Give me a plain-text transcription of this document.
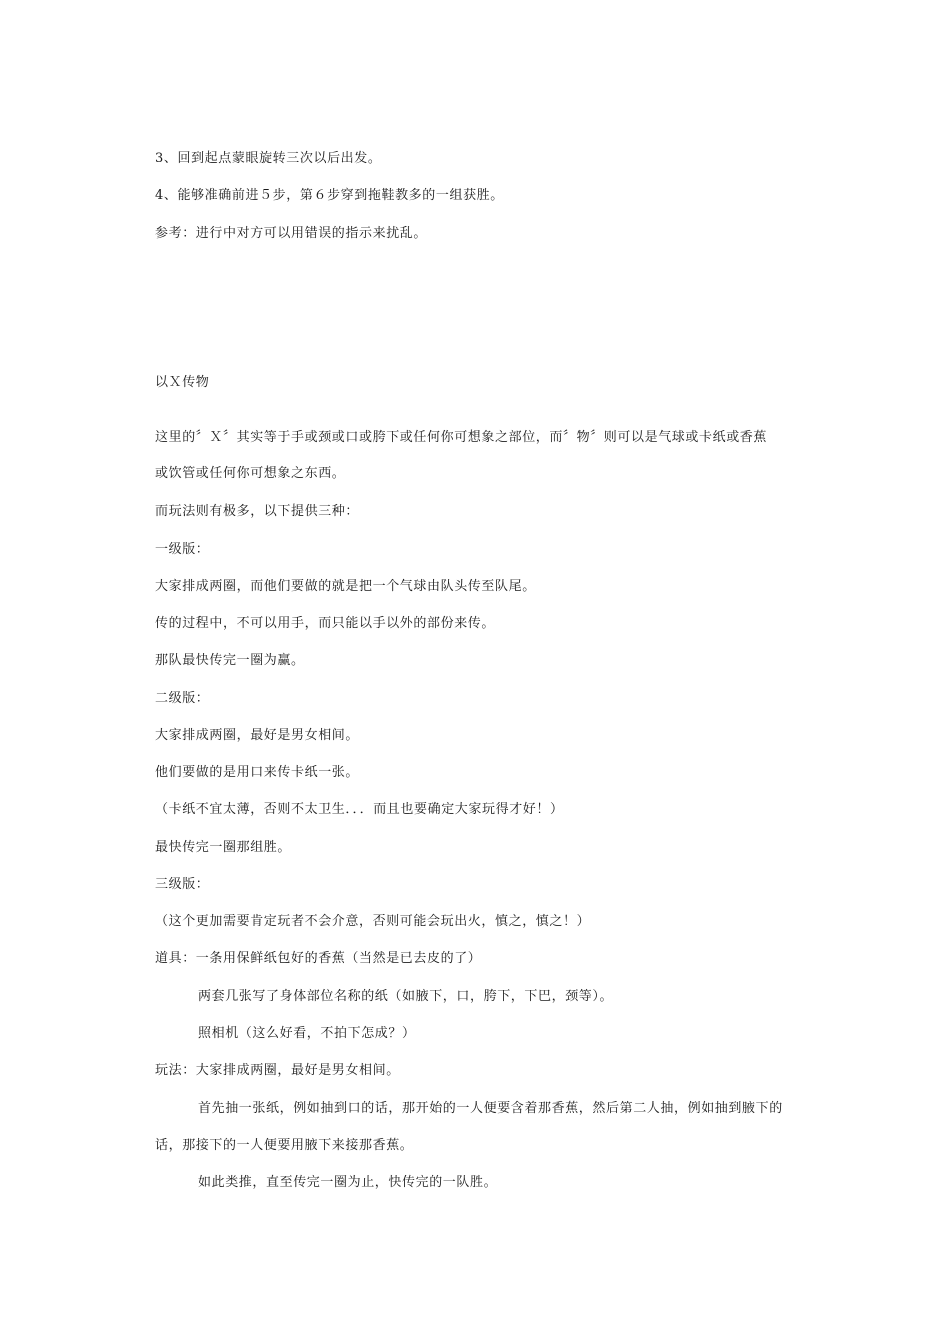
3、回到起点蒙眼旋转三次以后出发。
4、能够准确前进５步，第６步穿到拖鞋教多的一组获胜。
参考：进行中对方可以用错误的指示来扰乱。
以Ｘ传物
这里的〞Ｘ〞其实等于手或颈或口或胯下或任何你可想象之部位，而〞物〞则可以是气球或卡纸或香蕉
或饮管或任何你可想象之东西。
而玩法则有极多，以下提供三种：
一级版：
大家排成两圈，而他们要做的就是把一个气球由队头传至队尾。
传的过程中，不可以用手，而只能以手以外的部份来传。
那队最快传完一圈为赢。
二级版：
大家排成两圈，最好是男女相间。
他们要做的是用口来传卡纸一张。
（卡纸不宜太薄，否则不太卫生．．．而且也要确定大家玩得才好！）
最快传完一圈那组胜。
三级版：
（这个更加需要肯定玩者不会介意，否则可能会玩出火，慎之，慎之！）
道具：一条用保鲜纸包好的香蕉（当然是已去皮的了）
两套几张写了身体部位名称的纸（如腋下，口，胯下，下巴，颈等）。
照相机（这么好看，不拍下怎成？）
玩法：大家排成两圈，最好是男女相间。
首先抽一张纸，例如抽到口的话，那开始的一人便要含着那香蕉，然后第二人抽，例如抽到腋下的
话，那接下的一人便要用腋下来接那香蕉。
如此类推，直至传完一圈为止，快传完的一队胜。
